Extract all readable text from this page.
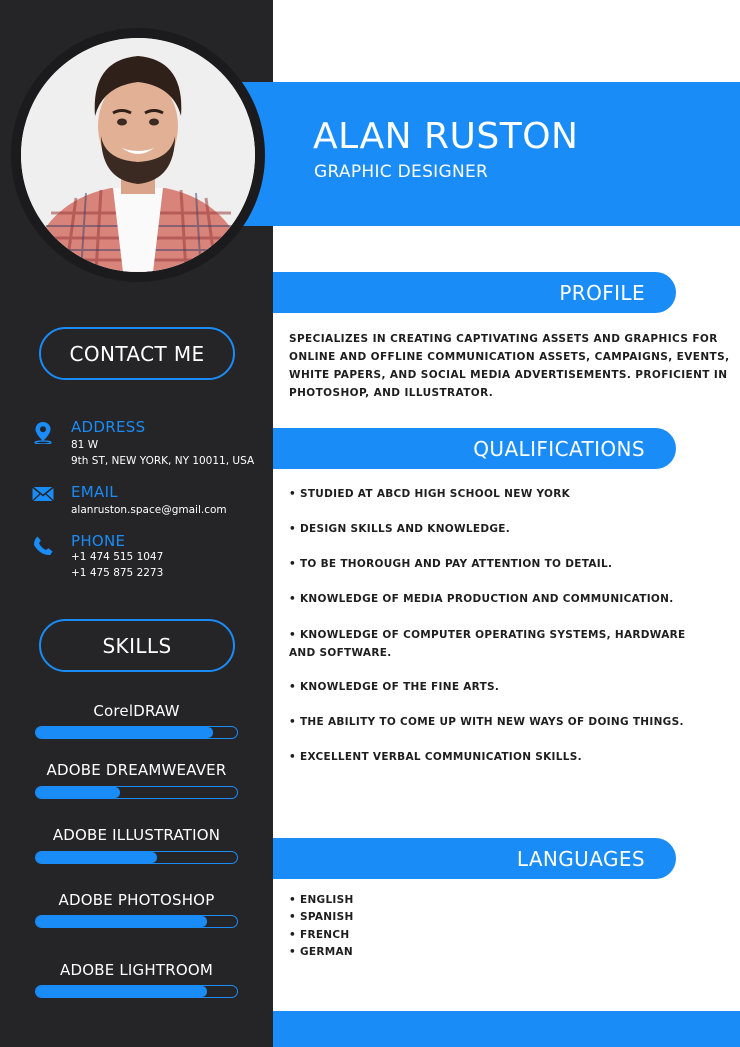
ALAN RUSTON
GRAPHIC DESIGNER
CONTACT ME
ADDRESS
81 W
9th ST, NEW YORK, NY 10011, USA
EMAIL
alanruston.space@gmail.com
PHONE
+1 474 515 1047
+1 475 875 2273
SKILLS
CorelDRAW
ADOBE DREAMWEAVER
ADOBE ILLUSTRATION
ADOBE PHOTOSHOP
ADOBE LIGHTROOM
PROFILE
SPECIALIZES IN CREATING CAPTIVATING ASSETS AND GRAPHICS FOR ONLINE AND OFFLINE COMMUNICATION ASSETS, CAMPAIGNS, EVENTS, WHITE PAPERS, AND SOCIAL MEDIA ADVERTISEMENTS. PROFICIENT IN PHOTOSHOP, AND ILLUSTRATOR.
QUALIFICATIONS
• STUDIED AT ABCD HIGH SCHOOL NEW YORK
• DESIGN SKILLS AND KNOWLEDGE.
• TO BE THOROUGH AND PAY ATTENTION TO DETAIL.
• KNOWLEDGE OF MEDIA PRODUCTION AND COMMUNICATION.
• KNOWLEDGE OF COMPUTER OPERATING SYSTEMS, HARDWARE AND SOFTWARE.
• KNOWLEDGE OF THE FINE ARTS.
• THE ABILITY TO COME UP WITH NEW WAYS OF DOING THINGS.
• EXCELLENT VERBAL COMMUNICATION SKILLS.
LANGUAGES
• ENGLISH
• SPANISH
• FRENCH
• GERMAN
